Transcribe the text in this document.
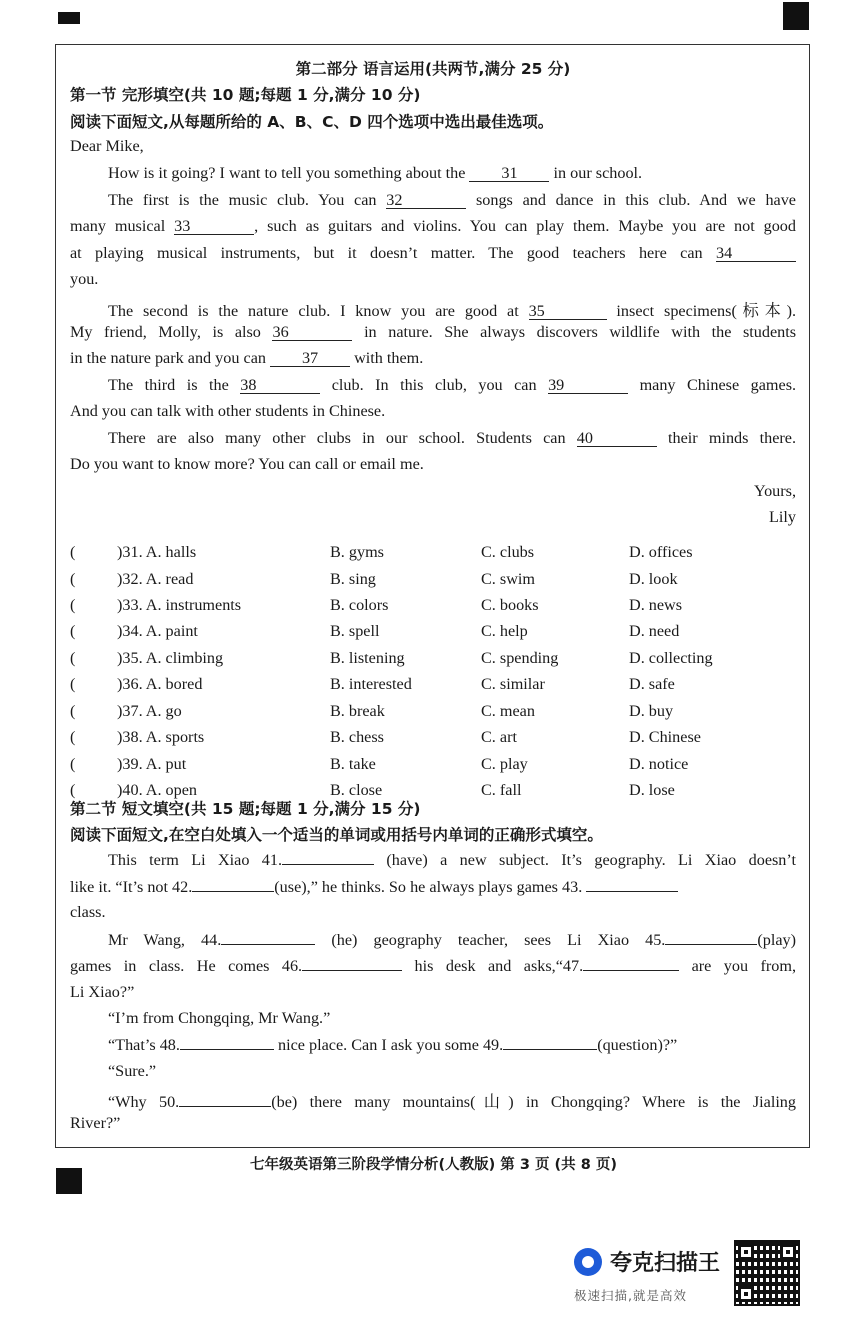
第二部分 语言运用(共两节,满分 25 分)
第一节 完形填空(共 10 题;每题 1 分,满分 10 分)
阅读下面短文,从每题所给的 A、B、C、D 四个选项中选出最佳选项。
Dear Mike,
How is it going? I want to tell you something about the 31 in our school.
The first is the music club. You can 32	songs and dance in this club. And we have
many musical 33	, such as guitars and violins. You can play them. Maybe you are not good
at playing musical instruments, but it doesn’t matter. The good teachers here can 34
you.
The second is the nature club. I know you are good at 35	insect specimens(标本).
My friend, Molly, is also 36	in nature. She always discovers wildlife with the students
in the nature park and you can 37 with them.
The third is the 38	club. In this club, you can 39	many Chinese games.
And you can talk with other students in Chinese.
There are also many other clubs in our school. Students can 40	their minds there.
Do you want to know more? You can call or email me.
Yours,
Lily
(	)31. A. halls	B. gyms	C. clubs	D. offices
(	)32. A. read	B. sing	C. swim	D. look
(	)33. A. instruments	B. colors	C. books	D. news
(	)34. A. paint	B. spell	C. help	D. need
(	)35. A. climbing	B. listening	C. spending	D. collecting
(	)36. A. bored	B. interested	C. similar	D. safe
(	)37. A. go	B. break	C. mean	D. buy
(	)38. A. sports	B. chess	C. art	D. Chinese
(	)39. A. put	B. take	C. play	D. notice
(	)40. A. open	B. close	C. fall	D. lose
第二节 短文填空(共 15 题;每题 1 分,满分 15 分)
阅读下面短文,在空白处填入一个适当的单词或用括号内单词的正确形式填空。
This term Li Xiao 41.	(have) a new subject. It’s geography. Li Xiao doesn’t
like it. “It’s not 42.	(use),” he thinks. So he always plays games 43.
class.
Mr Wang, 44.	(he) geography teacher, sees Li Xiao 45.	(play)
games in class. He comes 46.	his desk and asks,“47.	are you from,
Li Xiao?”
“I’m from Chongqing, Mr Wang.”
“That’s 48.	nice place. Can I ask you some 49.	(question)?”
“Sure.”
“Why 50.	(be) there many mountains(山) in Chongqing? Where is the Jialing
River?”
七年级英语第三阶段学情分析(人教版) 第 3 页 (共 8 页)
夸克扫描王
极速扫描,就是高效
